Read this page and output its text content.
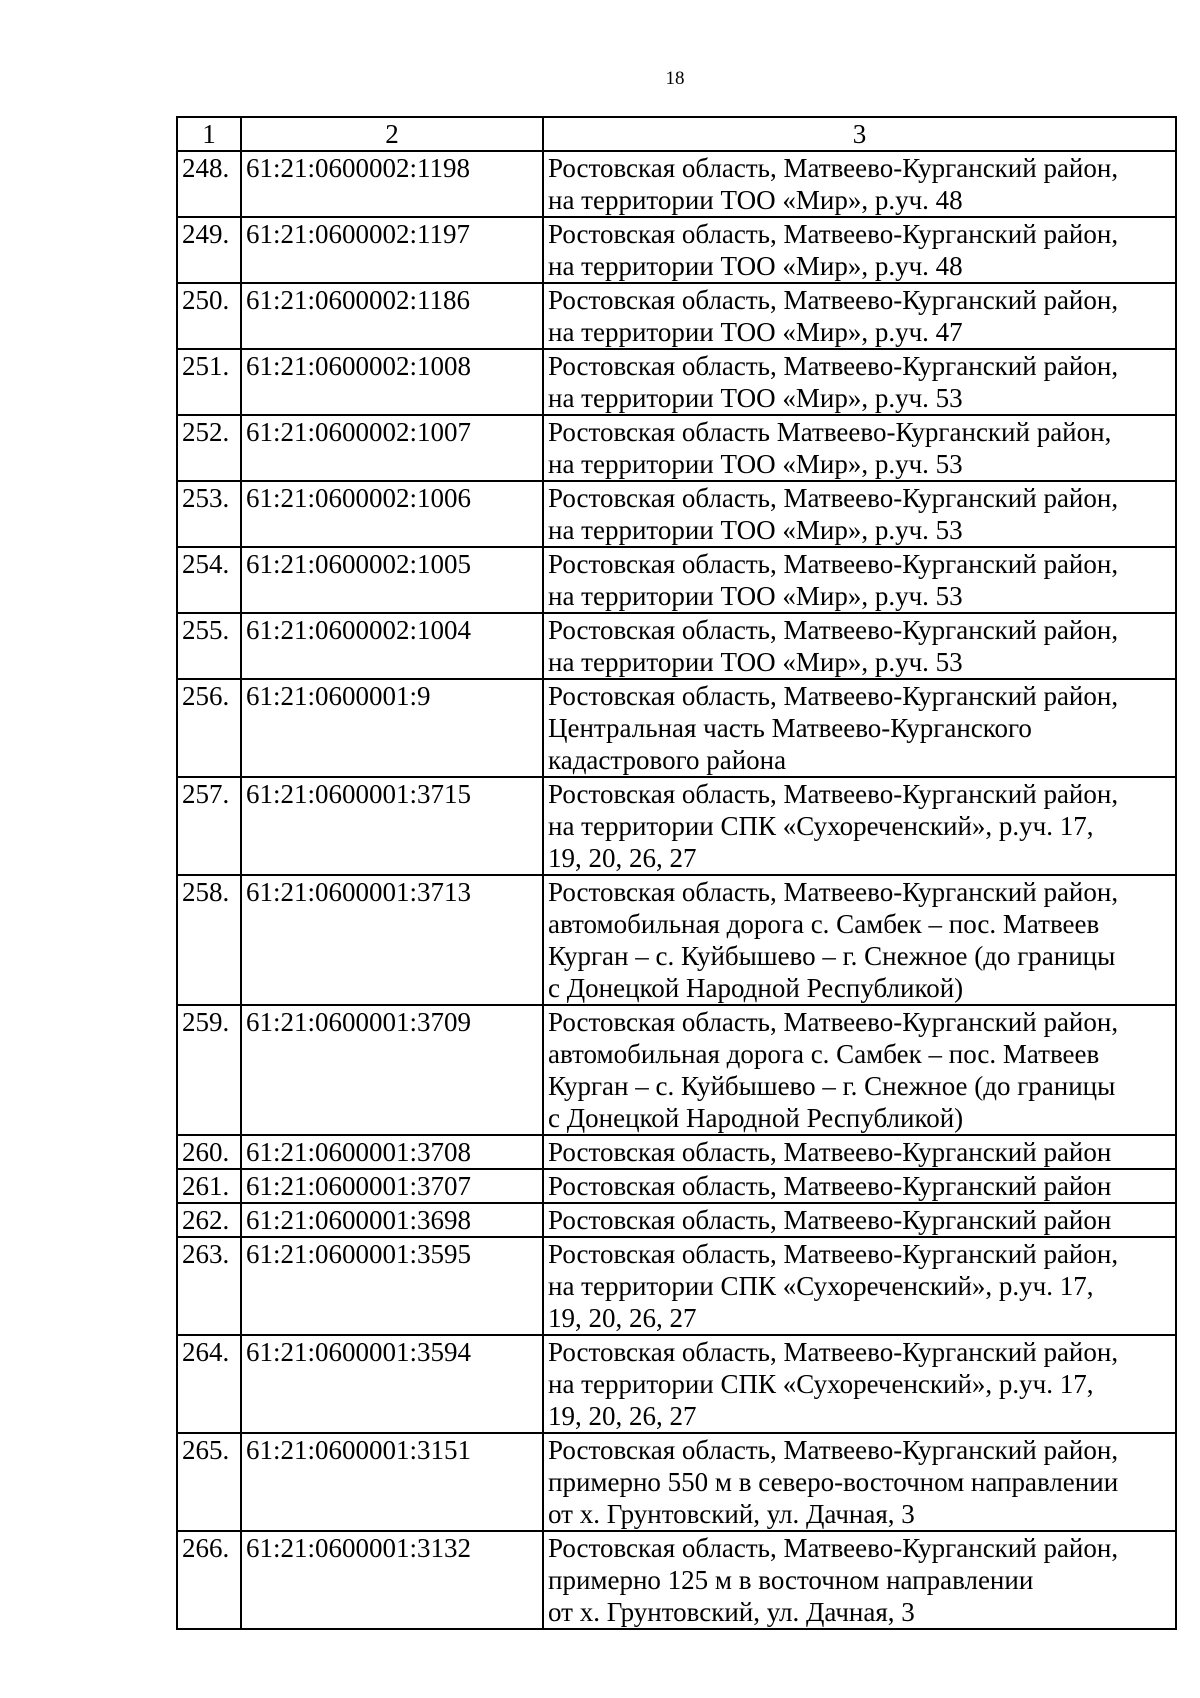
18
1	2	3
248.	61:21:0600002:1198	Ростовская область, Матвеево-Курганский район,
на территории ТОО «Мир», р.уч. 48

249.	61:21:0600002:1197	Ростовская область, Матвеево-Курганский район,
на территории ТОО «Мир», р.уч. 48

250.	61:21:0600002:1186	Ростовская область, Матвеево-Курганский район,
на территории ТОО «Мир», р.уч. 47

251.	61:21:0600002:1008	Ростовская область, Матвеево-Курганский район,
на территории ТОО «Мир», р.уч. 53

252.	61:21:0600002:1007	Ростовская область Матвеево-Курганский район,
на территории ТОО «Мир», р.уч. 53

253.	61:21:0600002:1006	Ростовская область, Матвеево-Курганский район,
на территории ТОО «Мир», р.уч. 53

254.	61:21:0600002:1005	Ростовская область, Матвеево-Курганский район,
на территории ТОО «Мир», р.уч. 53

255.	61:21:0600002:1004	Ростовская область, Матвеево-Курганский район,
на территории ТОО «Мир», р.уч. 53

256.	61:21:0600001:9	Ростовская область, Матвеево-Курганский район,
Центральная часть Матвеево-Курганского
кадастрового района

257.	61:21:0600001:3715	Ростовская область, Матвеево-Курганский район,
на территории СПК «Сухореченский», р.уч. 17,
19, 20, 26, 27

258.	61:21:0600001:3713	Ростовская область, Матвеево-Курганский район,
автомобильная дорога с. Самбек – пос. Матвеев
Курган – с. Куйбышево – г. Снежное (до границы
с Донецкой Народной Республикой)

259.	61:21:0600001:3709	Ростовская область, Матвеево-Курганский район,
автомобильная дорога с. Самбек – пос. Матвеев
Курган – с. Куйбышево – г. Снежное (до границы
с Донецкой Народной Республикой)

260.	61:21:0600001:3708	Ростовская область, Матвеево-Курганский район

261.	61:21:0600001:3707	Ростовская область, Матвеево-Курганский район

262.	61:21:0600001:3698	Ростовская область, Матвеево-Курганский район

263.	61:21:0600001:3595	Ростовская область, Матвеево-Курганский район,
на территории СПК «Сухореченский», р.уч. 17,
19, 20, 26, 27

264.	61:21:0600001:3594	Ростовская область, Матвеево-Курганский район,
на территории СПК «Сухореченский», р.уч. 17,
19, 20, 26, 27

265.	61:21:0600001:3151	Ростовская область, Матвеево-Курганский район,
примерно 550 м в северо-восточном направлении
от х. Грунтовский, ул. Дачная, 3

266.	61:21:0600001:3132	Ростовская область, Матвеево-Курганский район,
примерно 125 м в восточном направлении
от х. Грунтовский, ул. Дачная, 3
